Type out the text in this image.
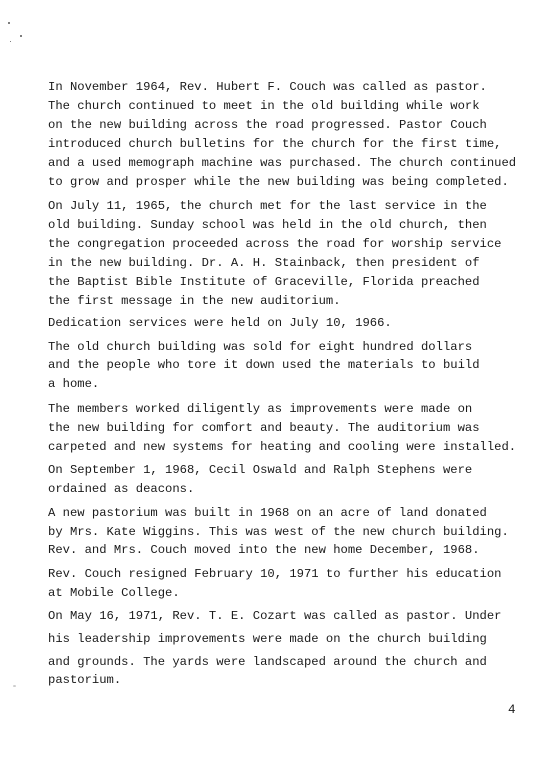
In November 1964, Rev. Hubert F. Couch was called as pastor.
The church continued to meet in the old building while work
on the new building across the road progressed. Pastor Couch
introduced church bulletins for the church for the first time,
and a used memograph machine was purchased. The church continued
to grow and prosper while the new building was being completed.
On July 11, 1965, the church met for the last service in the
old building. Sunday school was held in the old church, then
the congregation proceeded across the road for worship service
in the new building. Dr. A. H. Stainback, then president of
the Baptist Bible Institute of Graceville, Florida preached
the first message in the new auditorium.
Dedication services were held on July 10, 1966.
The old church building was sold for eight hundred dollars
and the people who tore it down used the materials to build
a home.
The members worked diligently as improvements were made on
the new building for comfort and beauty. The auditorium was
carpeted and new systems for heating and cooling were installed.
On September 1, 1968, Cecil Oswald and Ralph Stephens were
ordained as deacons.
A new pastorium was built in 1968 on an acre of land donated
by Mrs. Kate Wiggins. This was west of the new church building.
Rev. and Mrs. Couch moved into the new home December, 1968.
Rev. Couch resigned February 10, 1971 to further his education
at Mobile College.
On May 16, 1971, Rev. T. E. Cozart was called as pastor. Under
his leadership improvements were made on the church building
and grounds. The yards were landscaped around the church and
pastorium.
4
